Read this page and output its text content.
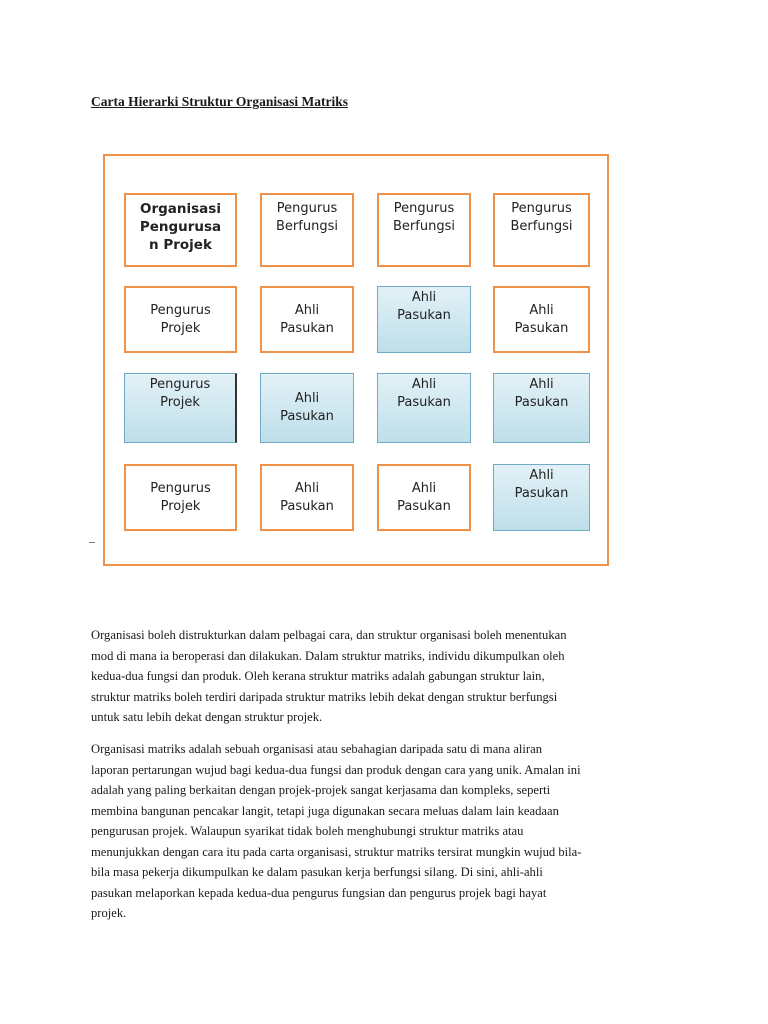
Carta Hierarki Struktur Organisasi Matriks
Organisasi
Pengurusa
n Projek
Pengurus
Berfungsi
Pengurus
Berfungsi
Pengurus
Berfungsi
Pengurus
Projek
Ahli
Pasukan
Ahli
Pasukan	Ahli
Pasukan
Pengurus
Projek	Ahli
Pasukan
Ahli
Pasukan
Ahli
Pasukan
Pengurus
Projek
Ahli
Pasukan
Ahli
Pasukan
Ahli
Pasukan
–
Organisasi boleh distrukturkan dalam pelbagai cara, dan struktur organisasi boleh menentukan
mod di mana ia beroperasi dan dilakukan. Dalam struktur matriks, individu dikumpulkan oleh
kedua-dua fungsi dan produk. Oleh kerana struktur matriks adalah gabungan struktur lain,
struktur matriks boleh terdiri daripada struktur matriks lebih dekat dengan struktur berfungsi
untuk satu lebih dekat dengan struktur projek.
Organisasi matriks adalah sebuah organisasi atau sebahagian daripada satu di mana aliran
laporan pertarungan wujud bagi kedua-dua fungsi dan produk dengan cara yang unik. Amalan ini
adalah yang paling berkaitan dengan projek-projek sangat kerjasama dan kompleks, seperti
membina bangunan pencakar langit, tetapi juga digunakan secara meluas dalam lain keadaan
pengurusan projek. Walaupun syarikat tidak boleh menghubungi struktur matriks atau
menunjukkan dengan cara itu pada carta organisasi, struktur matriks tersirat mungkin wujud bila-
bila masa pekerja dikumpulkan ke dalam pasukan kerja berfungsi silang. Di sini, ahli-ahli
pasukan melaporkan kepada kedua-dua pengurus fungsian dan pengurus projek bagi hayat
projek.
